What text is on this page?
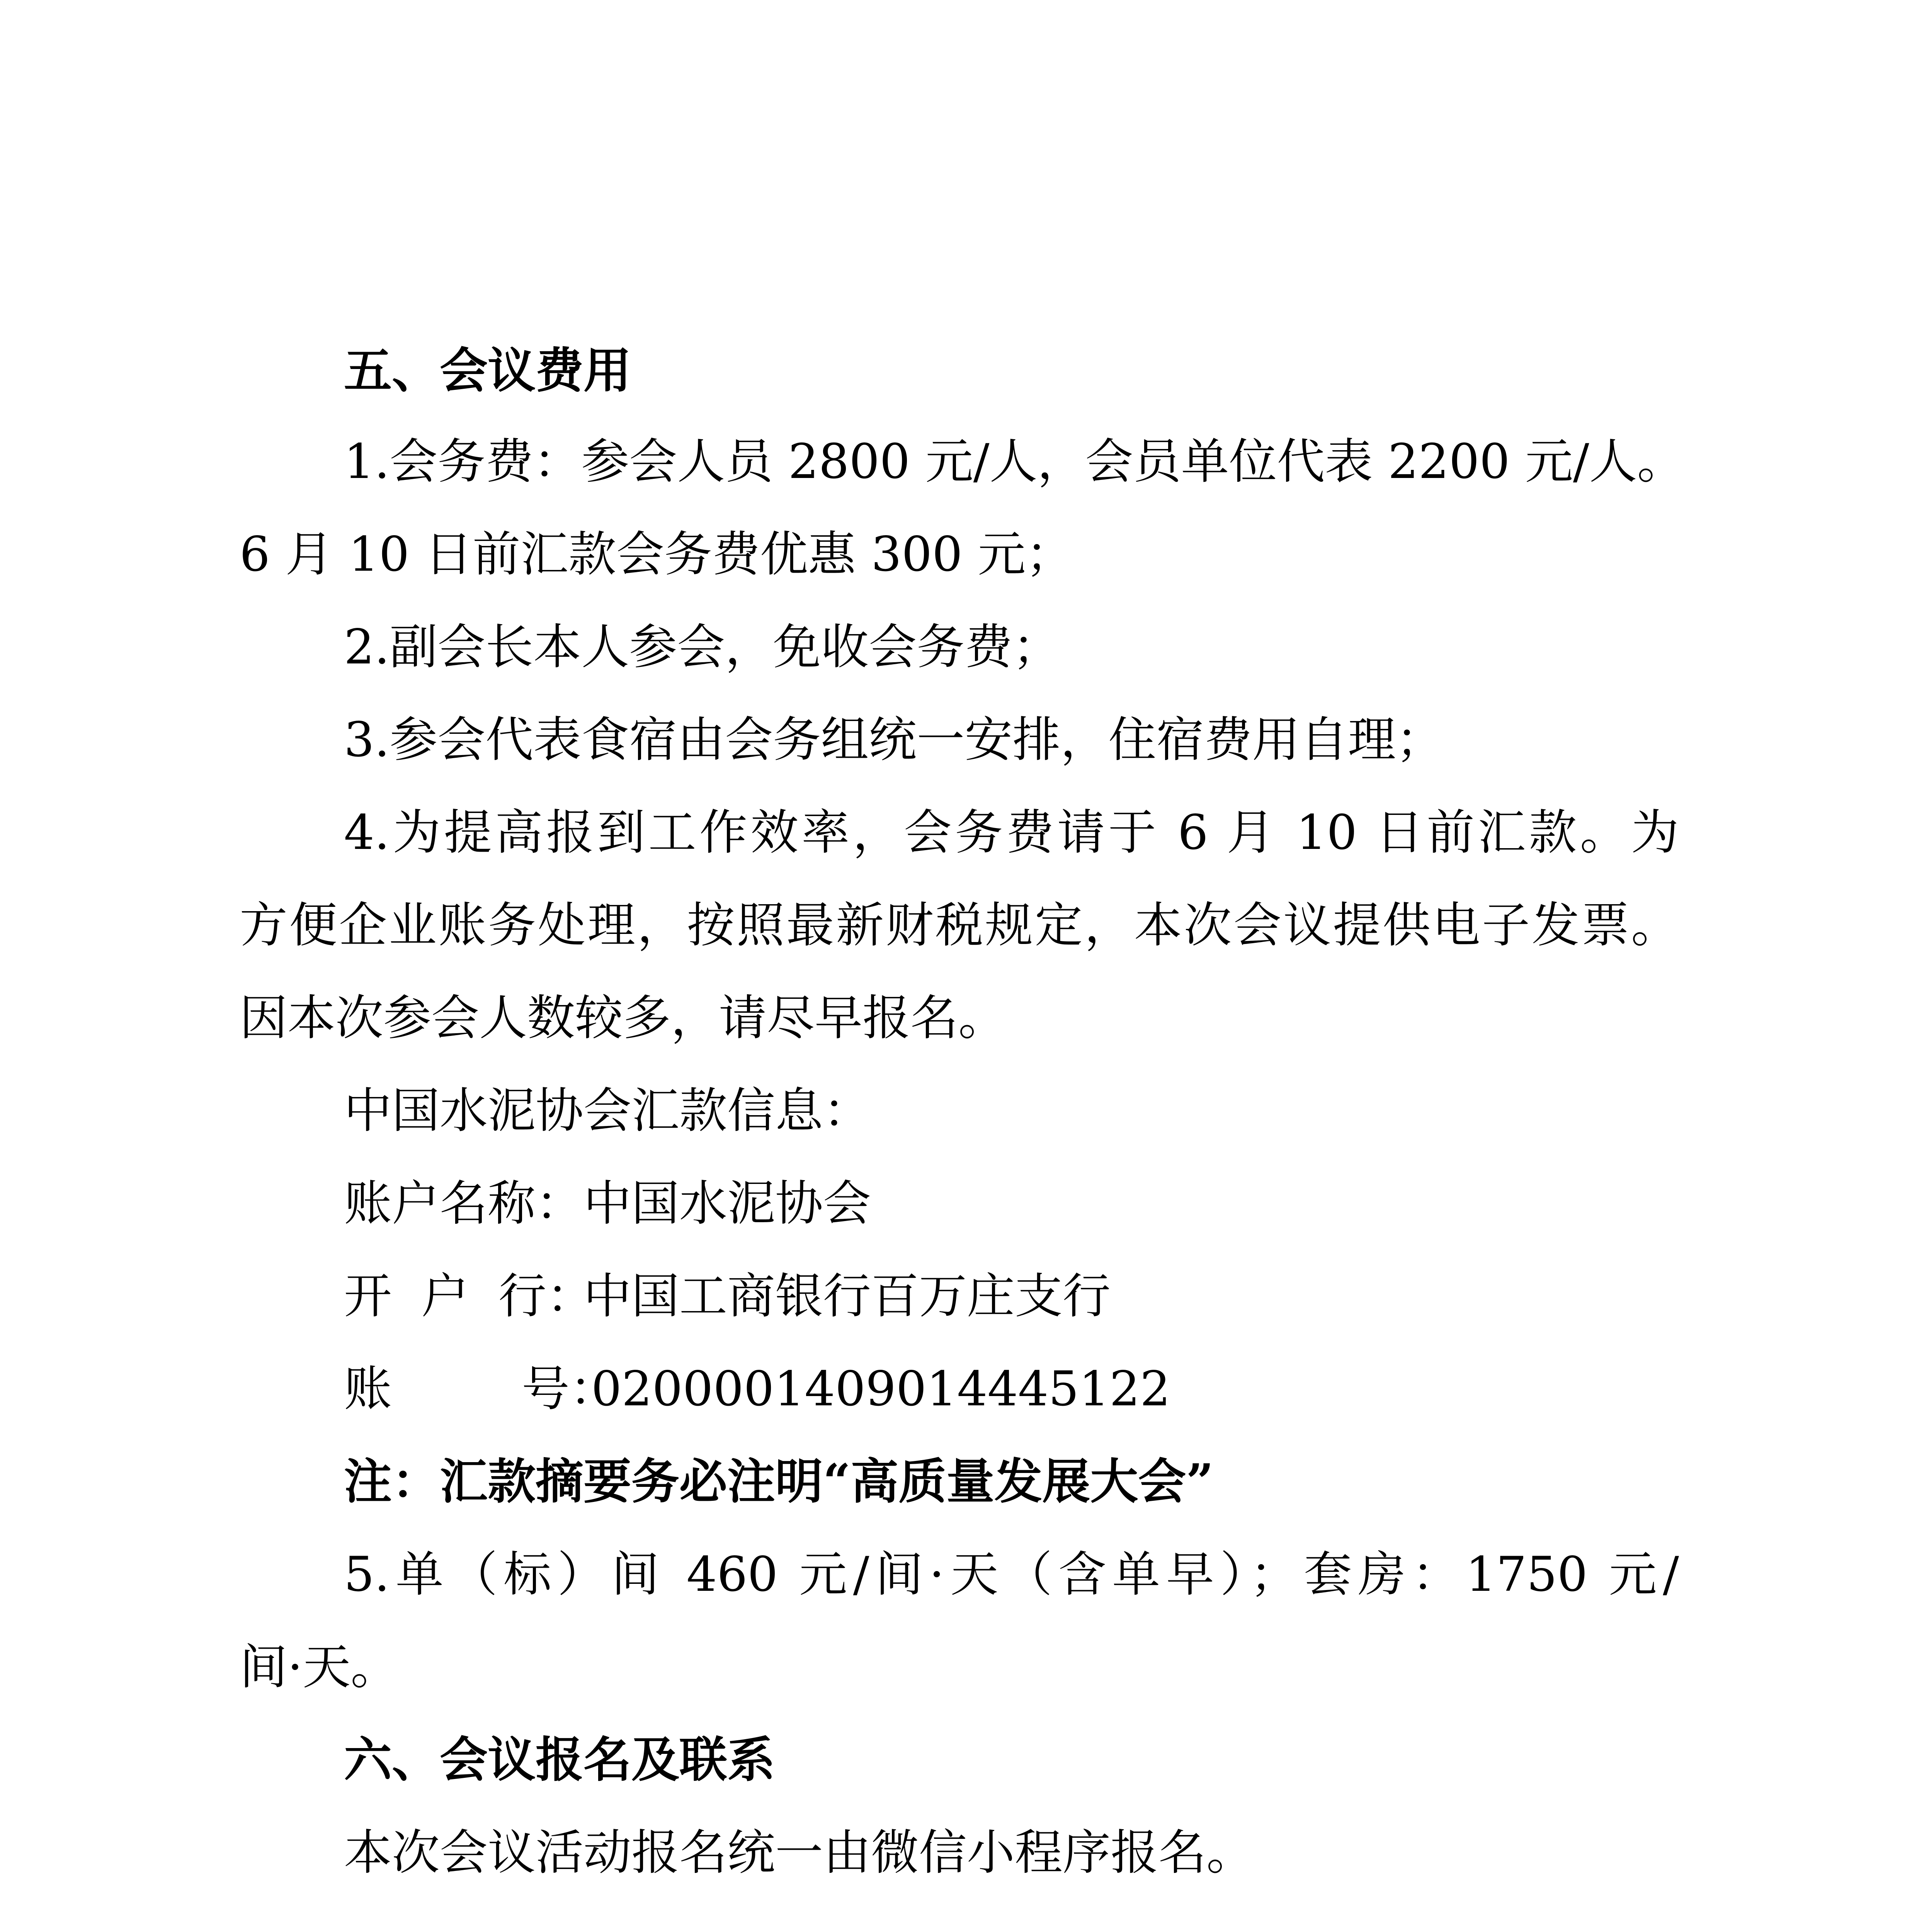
五、会议费用

1.会务费：参会人员 2800 元/人，会员单位代表 2200 元/人。

6 月 10 日前汇款会务费优惠 300 元；

2.副会长本人参会，免收会务费；

3.参会代表食宿由会务组统一安排，住宿费用自理；

4.为提高报到工作效率，会务费请于 6 月 10 日前汇款。为

方便企业账务处理，按照最新财税规定，本次会议提供电子发票。

因本次参会人数较多，请尽早报名。

中国水泥协会汇款信息：

账户名称：中国水泥协会
开 户 行：中国工商银行百万庄支行
账	号：0200001409014445122

注：汇款摘要务必注明“高质量发展大会”

5.单（标）间 460 元/间·天（含单早）；套房：1750 元/

间·天。

六、会议报名及联系

本次会议活动报名统一由微信小程序报名。
